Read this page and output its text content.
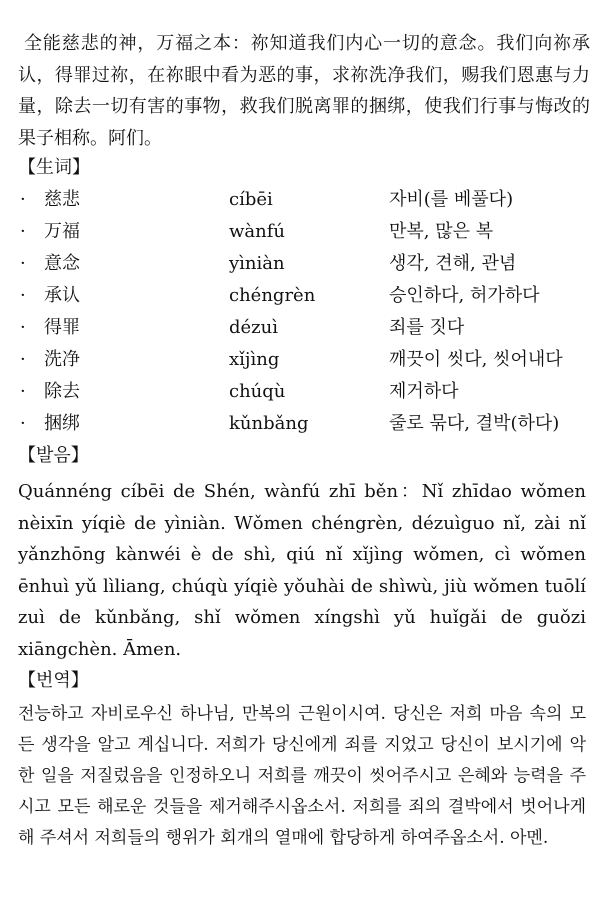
全能慈悲的神，万福之本：祢知道我们内心一切的意念。我们向祢承认，得罪过祢，在祢眼中看为恶的事，求祢洗净我们，赐我们恩惠与力量，除去一切有害的事物，救我们脱离罪的捆绑，使我们行事与悔改的果子相称。阿们。

【生词】

· 慈悲	cíbēi	자비(를 베풀다)
· 万福	wànfú	만복, 많은 복
· 意念	yìniàn	생각, 견해, 관념
· 承认	chéngrèn	승인하다, 허가하다
· 得罪	dézuì	죄를 짓다
· 洗净	xǐjìng	깨끗이 씻다, 씻어내다
· 除去	chúqù	제거하다
· 捆绑	kǔnbǎng	줄로 묶다, 결박(하다)

【발음】

Quánnéng cíbēi de Shén, wànfú zhī běn：Nǐ zhīdao wǒmen nèixīn yíqiè de yìniàn. Wǒmen chéngrèn, dézuìguo nǐ, zài nǐ yǎnzhōng kànwéi è de shì, qiú nǐ xǐjìng wǒmen, cì wǒmen ēnhuì yǔ lìliang, chúqù yíqiè yǒuhài de shìwù, jiù wǒmen tuōlí zuì de kǔnbǎng, shǐ wǒmen xíngshì yǔ huǐgǎi de guǒzi xiāngchèn. Āmen.

【번역】

전능하고 자비로우신 하나님, 만복의 근원이시여. 당신은 저희 마음 속의 모든 생각을 알고 계십니다. 저희가 당신에게 죄를 지었고 당신이 보시기에 악한 일을 저질렀음을 인정하오니 저희를 깨끗이 씻어주시고 은혜와 능력을 주시고 모든 해로운 것들을 제거해주시옵소서. 저희를 죄의 결박에서 벗어나게 해 주셔서 저희들의 행위가 회개의 열매에 합당하게 하여주옵소서. 아멘.
